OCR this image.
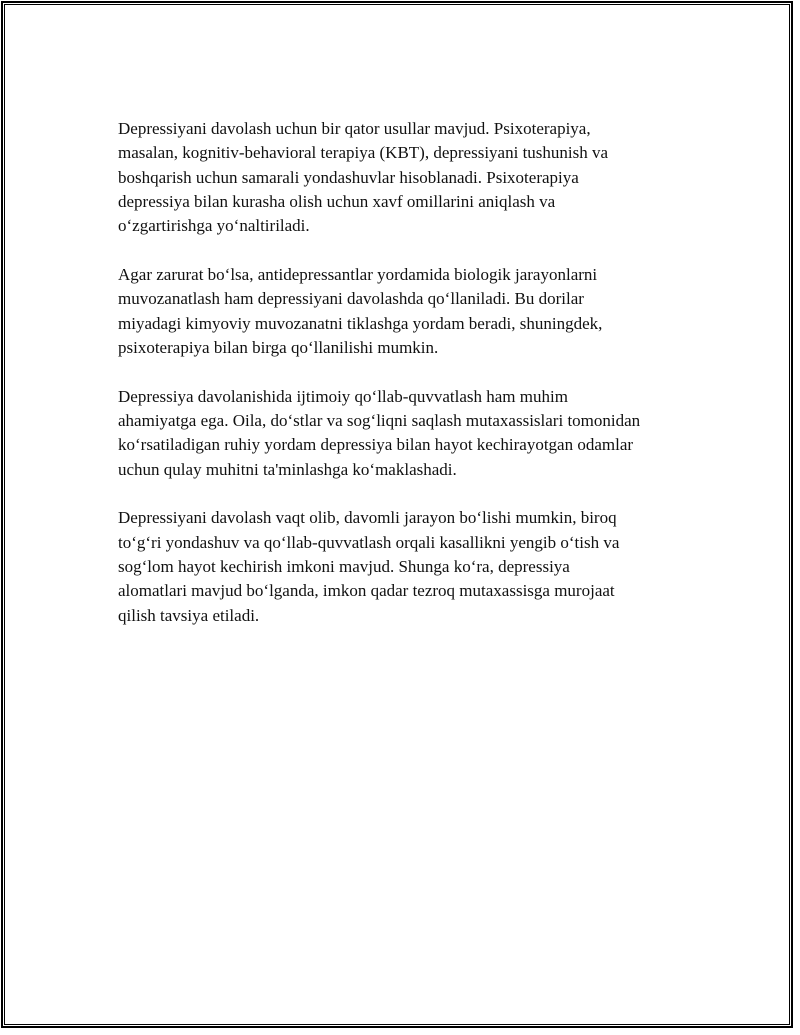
Depressiyani davolash uchun bir qator usullar mavjud. Psixoterapiya,
masalan, kognitiv-behavioral terapiya (KBT), depressiyani tushunish va
boshqarish uchun samarali yondashuvlar hisoblanadi. Psixoterapiya
depressiya bilan kurasha olish uchun xavf omillarini aniqlash va
o‘zgartirishga yo‘naltiriladi.

Agar zarurat bo‘lsa, antidepressantlar yordamida biologik jarayonlarni
muvozanatlash ham depressiyani davolashda qo‘llaniladi. Bu dorilar
miyadagi kimyoviy muvozanatni tiklashga yordam beradi, shuningdek,
psixoterapiya bilan birga qo‘llanilishi mumkin.

Depressiya davolanishida ijtimoiy qo‘llab-quvvatlash ham muhim
ahamiyatga ega. Oila, do‘stlar va sog‘liqni saqlash mutaxassislari tomonidan
ko‘rsatiladigan ruhiy yordam depressiya bilan hayot kechirayotgan odamlar
uchun qulay muhitni ta'minlashga ko‘maklashadi.

Depressiyani davolash vaqt olib, davomli jarayon bo‘lishi mumkin, biroq
to‘g‘ri yondashuv va qo‘llab-quvvatlash orqali kasallikni yengib o‘tish va
sog‘lom hayot kechirish imkoni mavjud. Shunga ko‘ra, depressiya
alomatlari mavjud bo‘lganda, imkon qadar tezroq mutaxassisga murojaat
qilish tavsiya etiladi.
